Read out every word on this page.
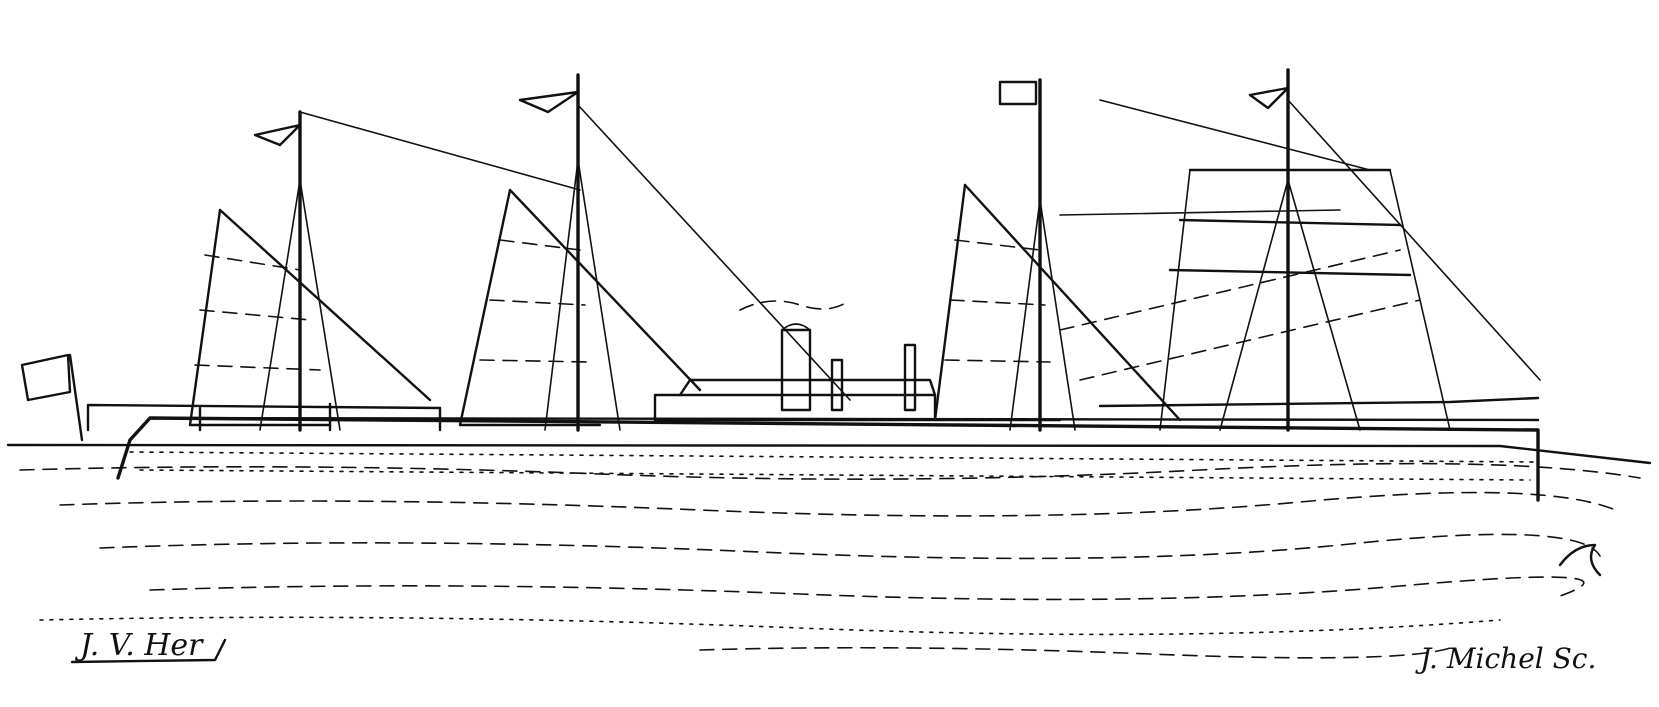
J. V. Her	J. Michel Sc.
